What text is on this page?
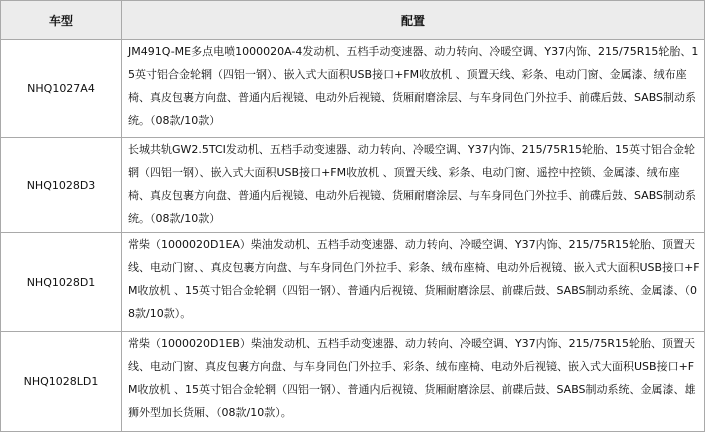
车型	配置
NHQ1027A4	JM491Q-ME多点电喷1000020A-4发动机、五档手动变速器、动力转向、冷暖空调、Y37内饰、215/75R15轮胎、15英寸铝合金轮辋（四铝一钢）、嵌入式大面积USB接口+FM收放机 、顶置天线、彩条、电动门窗、金属漆、绒布座椅、真皮包裹方向盘、普通内后视镜、电动外后视镜、货厢耐磨涂层、与车身同色门外拉手、前碟后鼓、SABS制动系统。（08款/10款）
NHQ1028D3	长城共轨GW2.5TCI发动机、五档手动变速器、动力转向、冷暖空调、Y37内饰、215/75R15轮胎、15英寸铝合金轮辋（四铝一钢）、嵌入式大面积USB接口+FM收放机 、顶置天线、彩条、电动门窗、遥控中控锁、金属漆、绒布座椅、真皮包裹方向盘、普通内后视镜、电动外后视镜、货厢耐磨涂层、与车身同色门外拉手、前碟后鼓、SABS制动系统。（08款/10款）
NHQ1028D1	常柴（1000020D1EA）柴油发动机、五档手动变速器、动力转向、冷暖空调、Y37内饰、215/75R15轮胎、顶置天线、电动门窗、、真皮包裹方向盘、与车身同色门外拉手、彩条、绒布座椅、电动外后视镜、嵌入式大面积USB接口+FM收放机 、15英寸铝合金轮辋（四铝一钢）、普通内后视镜、货厢耐磨涂层、前碟后鼓、SABS制动系统、金属漆、（08款/10款）。
NHQ1028LD1	常柴（1000020D1EB）柴油发动机、五档手动变速器、动力转向、冷暖空调、Y37内饰、215/75R15轮胎、顶置天线、电动门窗、真皮包裹方向盘、与车身同色门外拉手、彩条、绒布座椅、电动外后视镜、嵌入式大面积USB接口+FM收放机 、15英寸铝合金轮辋（四铝一钢）、普通内后视镜、货厢耐磨涂层、前碟后鼓、SABS制动系统、金属漆、雄狮外型加长货厢、（08款/10款）。
